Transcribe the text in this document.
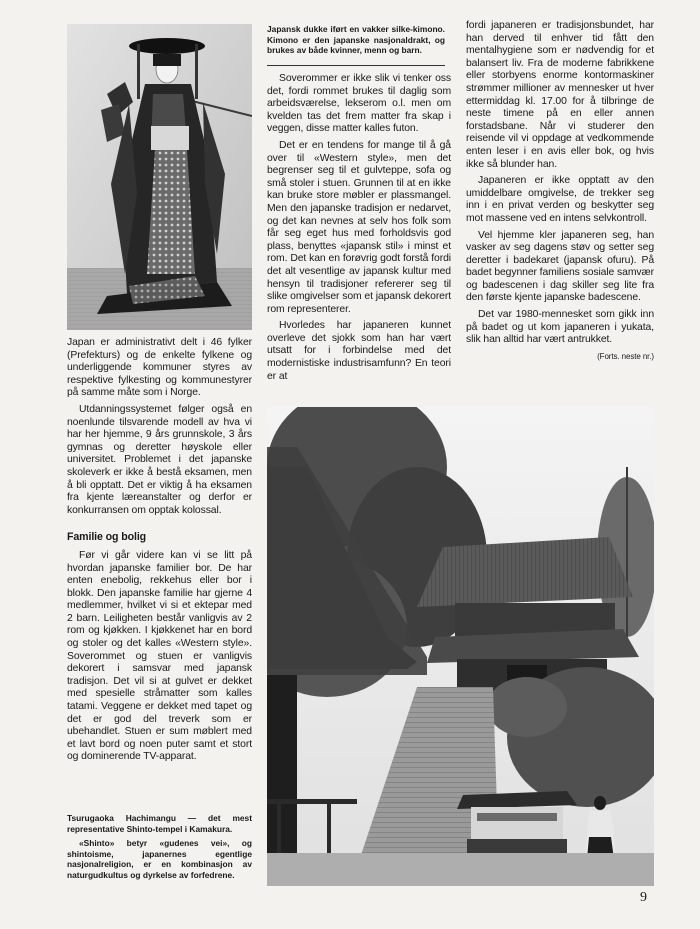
Japansk dukke iført en vakker silke-kimono. Kimono er den japanske nasjonaldrakt, og brukes av både kvinner, menn og barn.

Japan er administrativt delt i 46 fylker (Prefekturs) og de enkelte fylkene og underliggende kommuner styres av respektive fylkesting og kommunestyrer på samme måte som i Norge.

Utdanningssystemet følger også en noenlunde tilsvarende modell av hva vi har her hjemme, 9 års grunnskole, 3 års gymnas og deretter høyskole eller universitet. Problemet i det japanske skoleverk er ikke å bestå eksamen, men å bli opptatt. Det er viktig å ha eksamen fra kjente læreanstalter og derfor er konkurransen om opptak kolossal.

Familie og bolig

Før vi går videre kan vi se litt på hvordan japanske familier bor. De har enten enebolig, rekkehus eller bor i blokk. Den japanske familie har gjerne 4 medlemmer, hvilket vi si et ektepar med 2 barn. Leiligheten består vanligvis av 2 rom og kjøkken. I kjøkkenet har en bord og stoler og det kalles «Western style». Soverommet og stuen er vanligvis dekorert i samsvar med japansk tradisjon. Det vil si at gulvet er dekket med spesielle stråmatter som kalles tatami. Veggene er dekket med tapet og det er god del treverk som er ubehandlet. Stuen er sum møblert med et lavt bord og noen puter samt et stort og dominerende TV-apparat.

Soverommer er ikke slik vi tenker oss det, fordi rommet brukes til daglig som arbeidsværelse, lekserom o.l. men om kvelden tas det frem matter fra skap i veggen, disse matter kalles futon.

Det er en tendens for mange til å gå over til «Western style», men det begrenser seg til et gulvteppe, sofa og små stoler i stuen. Grunnen til at en ikke kan bruke store møbler er plassmangel. Men den japanske tradisjon er nedarvet, og det kan nevnes at selv hos folk som får seg eget hus med forholdsvis god plass, benyttes «japansk stil» i minst et rom. Det kan en forøvrig godt forstå fordi det alt vesentlige av japansk kultur med hensyn til tradisjoner refererer seg til slike omgivelser som et japansk dekorert rom representerer.

Hvorledes har japaneren kunnet overleve det sjokk som han har vært utsatt for i forbindelse med det modernistiske industrisamfunn? En teori er at

fordi japaneren er tradisjonsbundet, har han derved til enhver tid fått den mentalhygiene som er nødvendig for et balansert liv. Fra de moderne fabrikkene eller storbyens enorme kontormaskiner strømmer millioner av mennesker ut hver ettermiddag kl. 17.00 for å tilbringe de neste timene på en eller annen forstadsbane. Når vi studerer den reisende vil vi oppdage at vedkommende enten leser i en avis eller bok, og hvis ikke så blunder han.

Japaneren er ikke opptatt av den umiddelbare omgivelse, de trekker seg inn i en privat verden og beskytter seg mot massene ved en intens selvkontroll.

Vel hjemme kler japaneren seg, han vasker av seg dagens støv og setter seg deretter i badekaret (japansk ofuru). På badet begynner familiens sosiale samvær og badescenen i dag skiller seg lite fra den første kjente japanske badescene.

Det var 1980-mennesket som gikk inn på badet og ut kom japaneren i yukata, slik han alltid har vært antrukket.

(Forts. neste nr.)

Tsurugaoka Hachimangu — det mest representative Shinto-tempel i Kamakura.

«Shinto» betyr «gudenes vei», og shintoisme, japanernes egentlige nasjonalreligion, er en kombinasjon av naturgudkultus og dyrkelse av forfedrene.

9
